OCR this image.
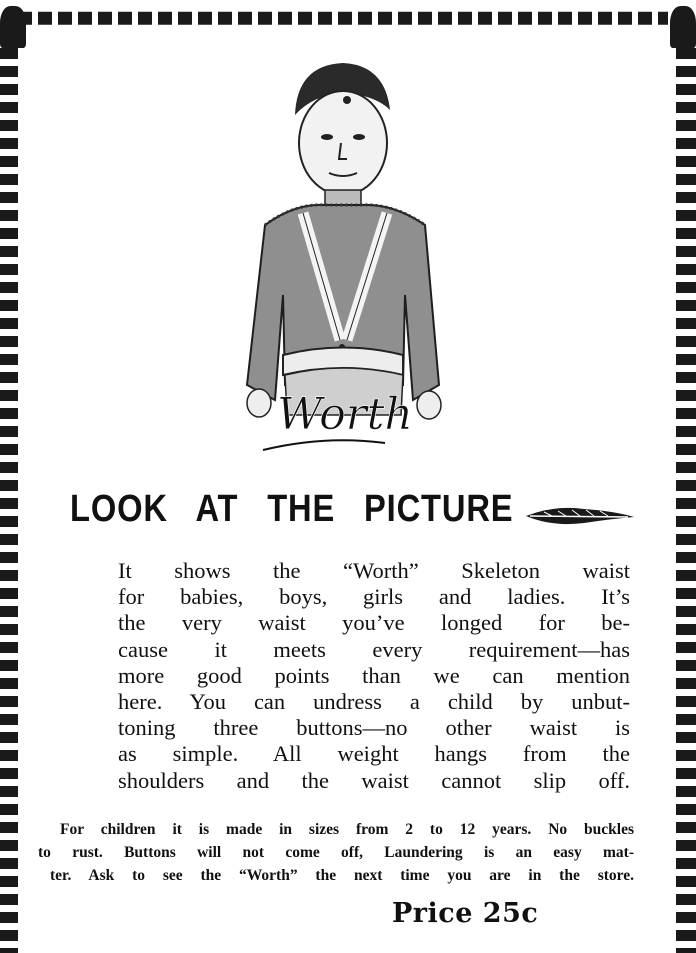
Worth
LOOK AT THE PICTURE
It shows the “Worth” Skeleton waist
for babies, boys, girls and ladies. It’s
the very waist you’ve longed for be-
cause it meets every requirement—has
more good points than we can mention
here. You can undress a child by unbut-
toning three buttons—no other waist is
as simple. All weight hangs from the
shoulders and the waist cannot slip off.
For children it is made in sizes from 2 to 12 years. No buckles
to rust. Buttons will not come off, Laundering is an easy mat-
ter. Ask to see the “Worth” the next time you are in the store.
Price 25c
